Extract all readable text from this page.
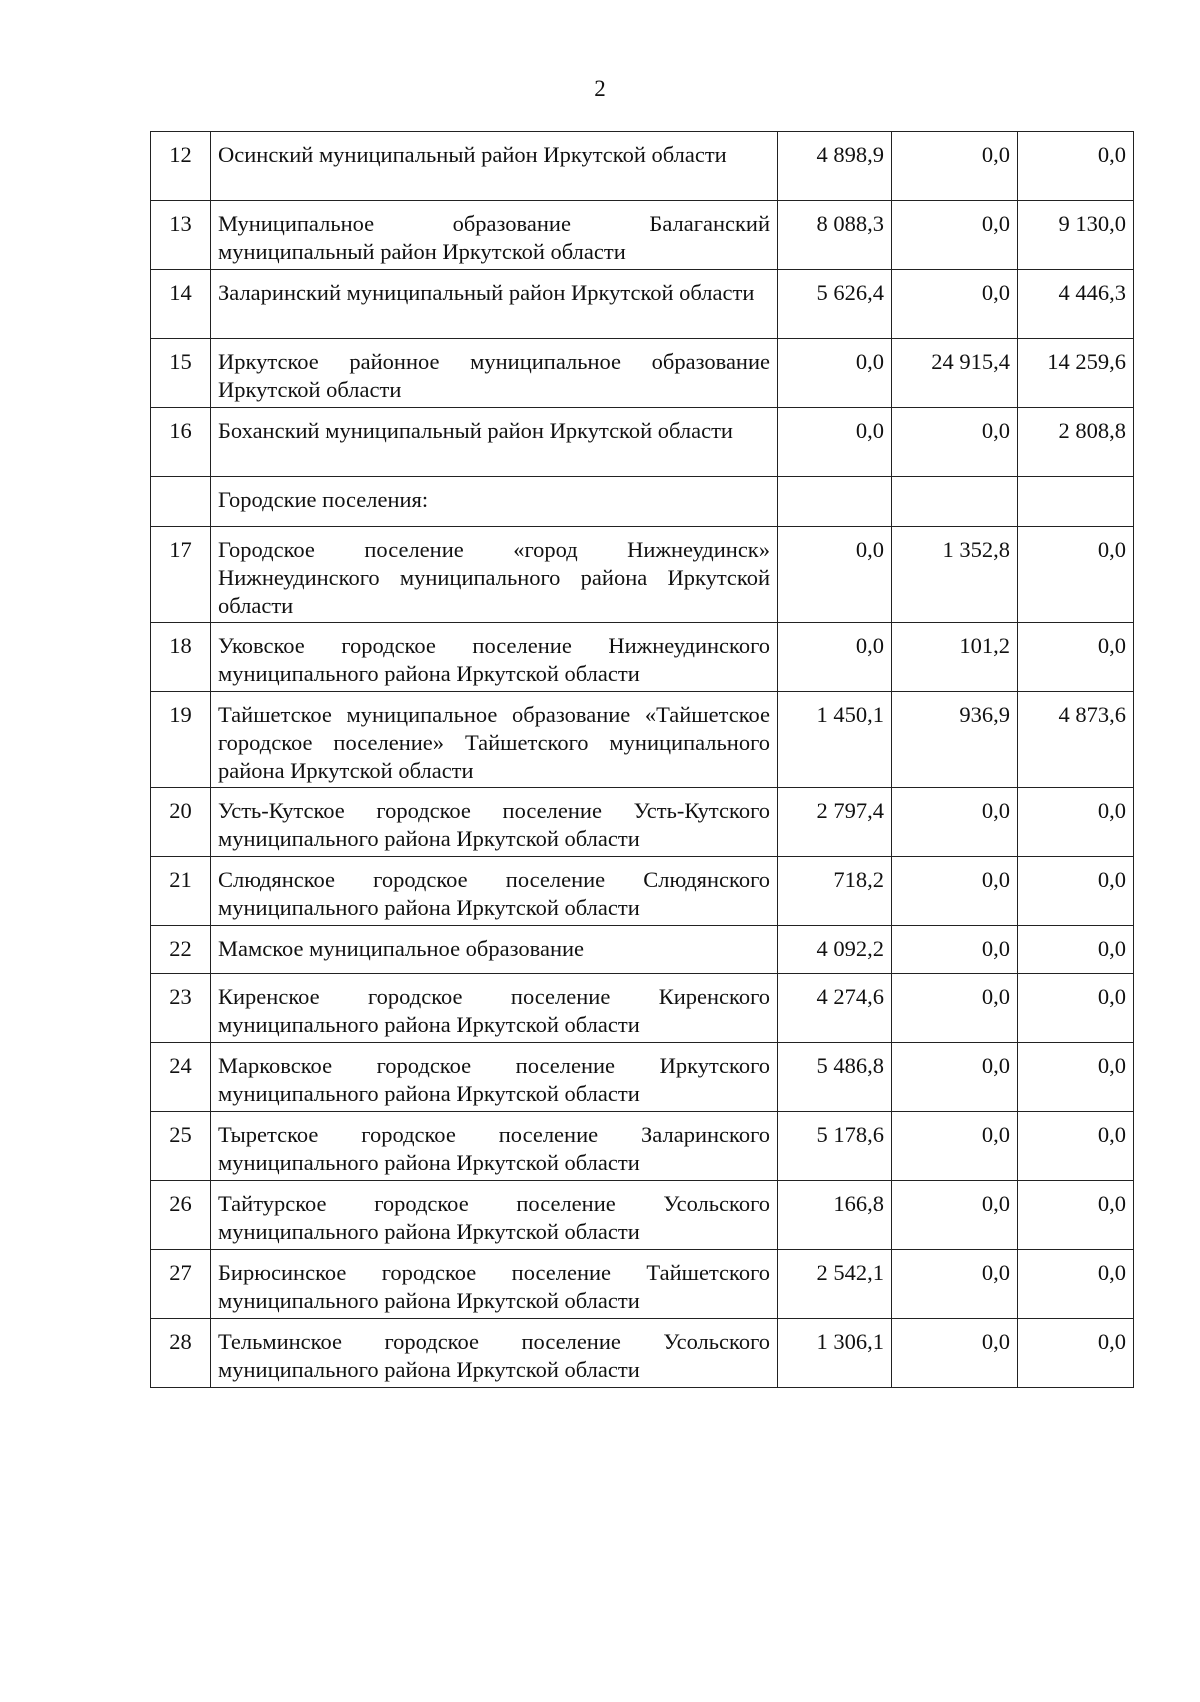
2
12	Осинский муниципальный район Иркутской области	4 898,9	0,0	0,0
13	Муниципальное образование Балаганский муниципальный район Иркутской области	8 088,3	0,0	9 130,0
14	Заларинский муниципальный район Иркутской области	5 626,4	0,0	4 446,3
15	Иркутское районное муниципальное образование Иркутской области	0,0	24 915,4	14 259,6
16	Боханский муниципальный район Иркутской области	0,0	0,0	2 808,8
	Городские поселения:			
17	Городское поселение «город Нижнеудинск» Нижнеудинского муниципального района Иркутской области	0,0	1 352,8	0,0
18	Уковское городское поселение Нижнеудинского муниципального района Иркутской области	0,0	101,2	0,0
19	Тайшетское муниципальное образование «Тайшетское городское поселение» Тайшетского муниципального района Иркутской области	1 450,1	936,9	4 873,6
20	Усть-Кутское городское поселение Усть-Кутского муниципального района Иркутской области	2 797,4	0,0	0,0
21	Слюдянское городское поселение Слюдянского муниципального района Иркутской области	718,2	0,0	0,0
22	Мамское муниципальное образование	4 092,2	0,0	0,0
23	Киренское городское поселение Киренского муниципального района Иркутской области	4 274,6	0,0	0,0
24	Марковское городское поселение Иркутского муниципального района Иркутской области	5 486,8	0,0	0,0
25	Тыретское городское поселение Заларинского муниципального района Иркутской области	5 178,6	0,0	0,0
26	Тайтурское городское поселение Усольского муниципального района Иркутской области	166,8	0,0	0,0
27	Бирюсинское городское поселение Тайшетского муниципального района Иркутской области	2 542,1	0,0	0,0
28	Тельминское городское поселение Усольского муниципального района Иркутской области	1 306,1	0,0	0,0
